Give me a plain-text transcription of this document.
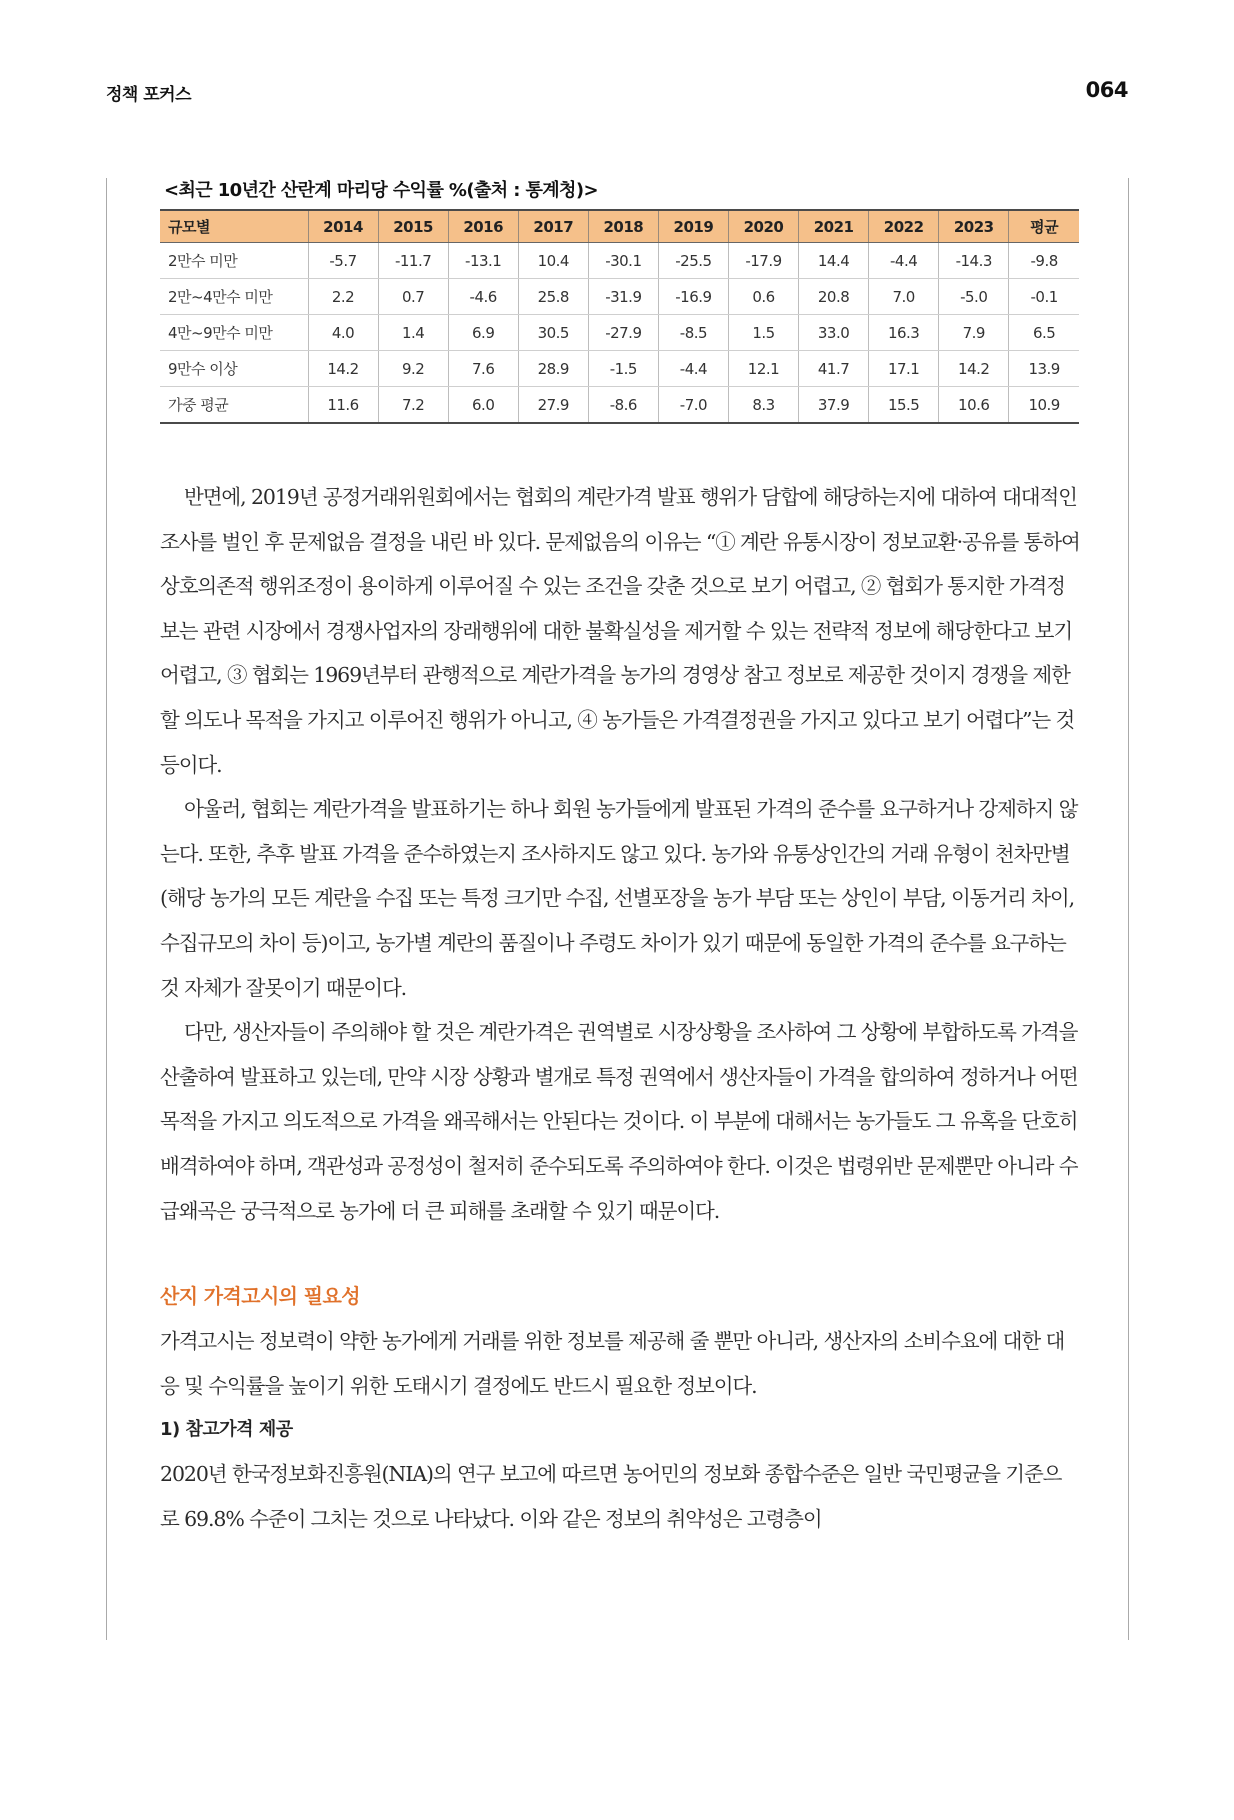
정책 포커스	064
<최근 10년간 산란계 마리당 수익률 %(출처 : 통계청)>
규모별	2014	2015	2016	2017	2018	2019	2020	2021	2022	2023	평균
2만수 미만	-5.7	-11.7	-13.1	10.4	-30.1	-25.5	-17.9	14.4	-4.4	-14.3	-9.8
2만~4만수 미만	2.2	0.7	-4.6	25.8	-31.9	-16.9	0.6	20.8	7.0	-5.0	-0.1
4만~9만수 미만	4.0	1.4	6.9	30.5	-27.9	-8.5	1.5	33.0	16.3	7.9	6.5
9만수 이상	14.2	9.2	7.6	28.9	-1.5	-4.4	12.1	41.7	17.1	14.2	13.9
가중 평균	11.6	7.2	6.0	27.9	-8.6	-7.0	8.3	37.9	15.5	10.6	10.9

반면에, 2019년 공정거래위원회에서는 협회의 계란가격 발표 행위가 담합에 해당하는지에 대하여 대대적인 조사를 벌인 후 문제없음 결정을 내린 바 있다. 문제없음의 이유는 “① 계란 유통시장이 정보교환·공유를 통하여 상호의존적 행위조정이 용이하게 이루어질 수 있는 조건을 갖춘 것으로 보기 어렵고, ② 협회가 통지한 가격정보는 관련 시장에서 경쟁사업자의 장래행위에 대한 불확실성을 제거할 수 있는 전략적 정보에 해당한다고 보기 어렵고, ③ 협회는 1969년부터 관행적으로 계란가격을 농가의 경영상 참고 정보로 제공한 것이지 경쟁을 제한할 의도나 목적을 가지고 이루어진 행위가 아니고, ④ 농가들은 가격결정권을 가지고 있다고 보기 어렵다”는 것 등이다.

아울러, 협회는 계란가격을 발표하기는 하나 회원 농가들에게 발표된 가격의 준수를 요구하거나 강제하지 않는다. 또한, 추후 발표 가격을 준수하였는지 조사하지도 않고 있다. 농가와 유통상인간의 거래 유형이 천차만별(해당 농가의 모든 계란을 수집 또는 특정 크기만 수집, 선별포장을 농가 부담 또는 상인이 부담, 이동거리 차이, 수집규모의 차이 등)이고, 농가별 계란의 품질이나 주령도 차이가 있기 때문에 동일한 가격의 준수를 요구하는 것 자체가 잘못이기 때문이다.

다만, 생산자들이 주의해야 할 것은 계란가격은 권역별로 시장상황을 조사하여 그 상황에 부합하도록 가격을 산출하여 발표하고 있는데, 만약 시장 상황과 별개로 특정 권역에서 생산자들이 가격을 합의하여 정하거나 어떤 목적을 가지고 의도적으로 가격을 왜곡해서는 안된다는 것이다. 이 부분에 대해서는 농가들도 그 유혹을 단호히 배격하여야 하며, 객관성과 공정성이 철저히 준수되도록 주의하여야 한다. 이것은 법령위반 문제뿐만 아니라 수급왜곡은 궁극적으로 농가에 더 큰 피해를 초래할 수 있기 때문이다.

산지 가격고시의 필요성

가격고시는 정보력이 약한 농가에게 거래를 위한 정보를 제공해 줄 뿐만 아니라, 생산자의 소비수요에 대한 대응 및 수익률을 높이기 위한 도태시기 결정에도 반드시 필요한 정보이다.

1) 참고가격 제공

2020년 한국정보화진흥원(NIA)의 연구 보고에 따르면 농어민의 정보화 종합수준은 일반 국민평균을 기준으로 69.8% 수준이 그치는 것으로 나타났다. 이와 같은 정보의 취약성은 고령층이
